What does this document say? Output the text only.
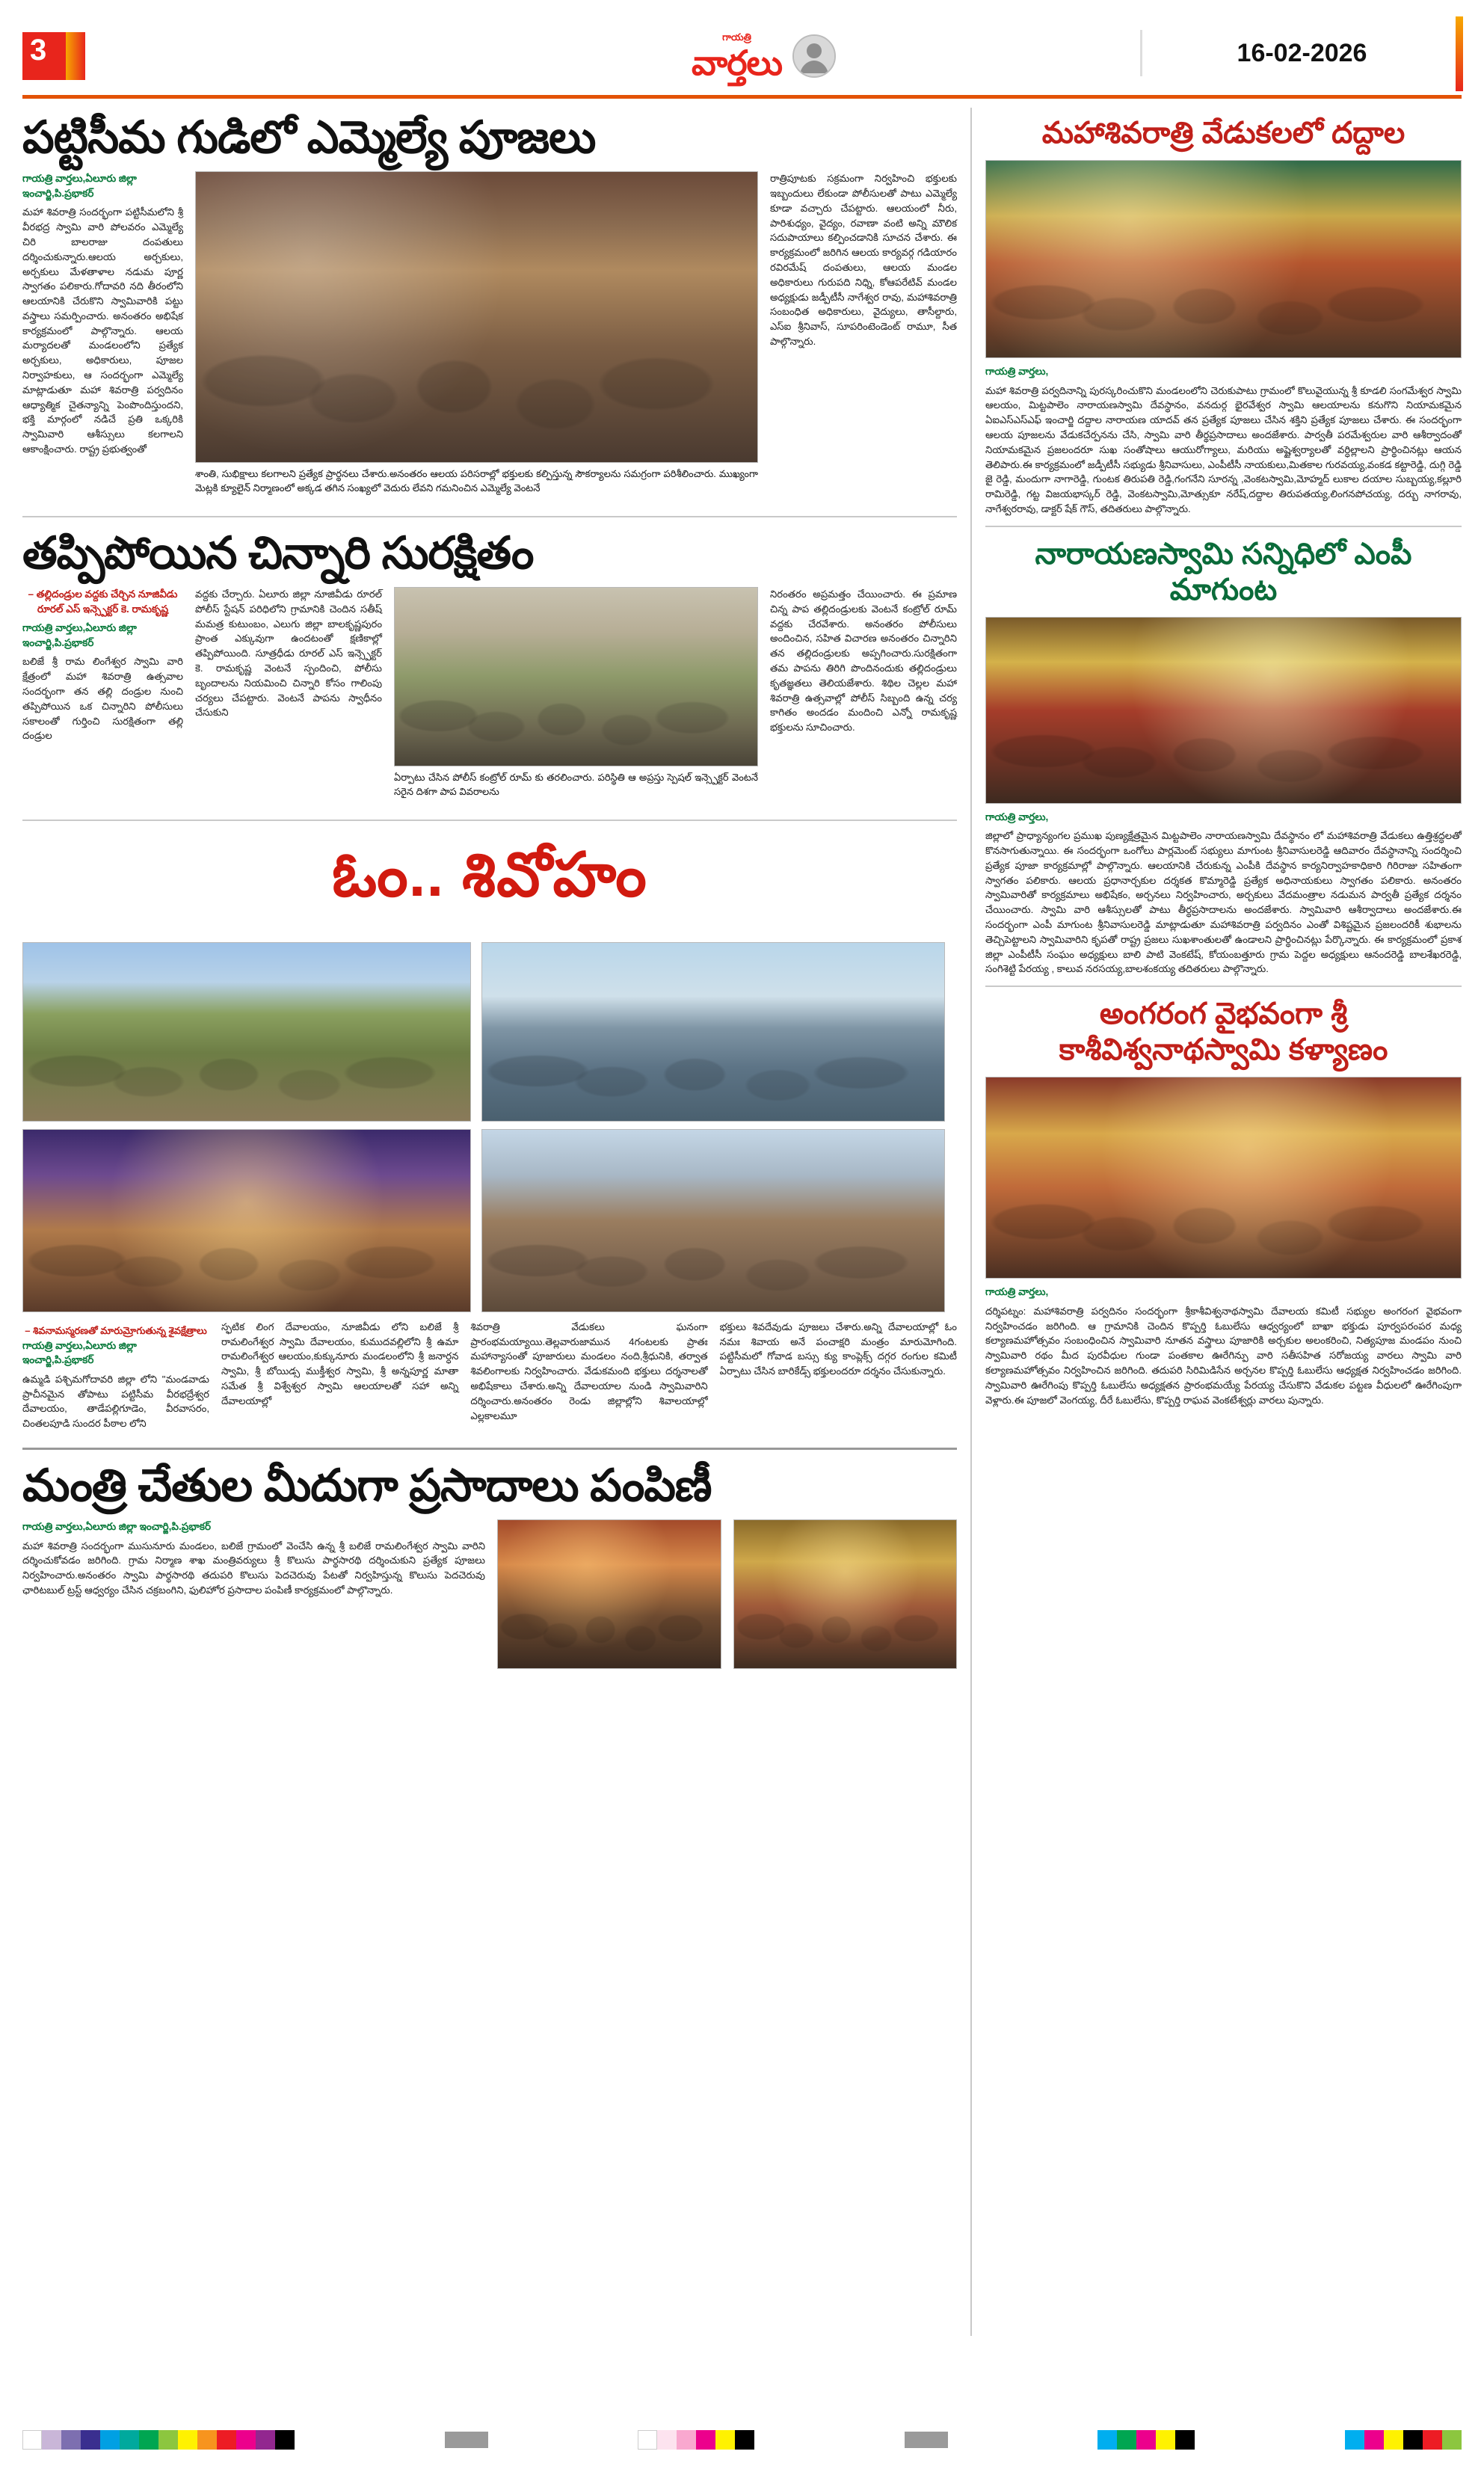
3	గాయత్రి
వార్తలు	16-02-2026
పట్టిసీమ గుడిలో ఎమ్మెల్యే పూజలు
గాయత్రి వార్తలు,ఏలూరు జిల్లా ఇంచార్జి,పి.ప్రభాకర్

మహా శివరాత్రి సందర్భంగా పట్టిసీమలోని శ్రీ వీరభద్ర స్వామి వారి పోలవరం ఎమ్మెల్యే చిరి బాలరాజు దంపతులు దర్శించుకున్నారు.ఆలయ అర్చకులు, అర్చకులు మేళతాళాల నడుమ పూర్ణ స్వాగతం పలికారు.గోదావరి నది తీరంలోని ఆలయానికి చేరుకొని స్వామివారికి పట్టు వస్త్రాలు సమర్పించారు. అనంతరం అభిషేక కార్యక్రమంలో పాల్గొన్నారు. ఆలయ మర్యాదలతో మండలంలోని ప్రత్యేక అర్చకులు, అధికారులు, పూజల నిర్వాహకులు, ఆ సందర్భంగా ఎమ్మెల్యే మాట్లాడుతూ మహా శివరాత్రి పర్వదినం ఆధ్యాత్మిక చైతన్యాన్ని పెంపొందిస్తుందని, భక్తి మార్గంలో నడిచే ప్రతి ఒక్కరికి స్వామివారి ఆశీస్సులు కలగాలని ఆకాంక్షించారు. రాష్ట్ర ప్రభుత్వంతో

శాంతి, సుభిక్షాలు కలగాలని ప్రత్యేక ప్రార్థనలు చేశారు.అనంతరం ఆలయ పరిసరాల్లో భక్తులకు కల్పిస్తున్న సౌకర్యాలను సమగ్రంగా పరిశీలించారు. ముఖ్యంగా మెట్లకి క్యూలైన్ నిర్మాణంలో అక్కడ తగిన సంఖ్యలో వెదురు లేవని గమనించిన ఎమ్మెల్యే వెంటనే

రాత్రిపూటకు సక్రమంగా నిర్వహించి భక్తులకు ఇబ్బందులు లేకుండా పోలీసులతో పాటు ఎమ్మెల్యే కూడా వచ్చారు చేపట్టారు. ఆలయంలో నీరు, పారిశుధ్యం, వైద్యం, రవాణా వంటి అన్ని మౌలిక సదుపాయాలు కల్పించడానికి సూచన చేశారు. ఈ కార్యక్రమంలో జరిగిన ఆలయ కార్యవర్గ గడియారం రవిరమేష్ దంపతులు, ఆలయ మండల అధికారులు గురుపది నిధ్ని, కోఆపరేటివ్ మండల అధ్యక్షుడు జడ్పీటీసీ నాగేశ్వర రావు, మహాశివరాత్రి సంబంధిత అధికారులు, వైద్యులు, తాసీల్దారు, ఎస్ఐ శ్రీనివాస్, సూపరింటెండెంట్ రామూ, సీత పాల్గొన్నారు.

తప్పిపోయిన చిన్నారి సురక్షితం
– తల్లిదండ్రుల వద్దకు చేర్చిన నూజివీడు రూరల్ ఎస్ ఇన్స్పెక్టర్ కె. రామకృష్ణ
గాయత్రి వార్తలు,ఏలూరు జిల్లా ఇంచార్జి,పి.ప్రభాకర్

బలిజే శ్రీ రామ లింగేశ్వర స్వామి వారి క్షేత్రంలో మహా శివరాత్రి ఉత్సవాల సందర్భంగా తన తల్లి దండ్రుల నుంచి తప్పిపోయిన ఒక చిన్నారిని పోలీసులు సకాలంతో గుర్తించి సురక్షితంగా తల్లి దండ్రుల

వద్దకు చేర్చారు. ఏలూరు జిల్లా నూజివీడు రూరల్ పోలీస్ స్టేషన్ పరిధిలోని గ్రామానికి చెందిన సతీష్ మమత్ర కుటుంబం, ఎలుగు జిల్లా బాలకృష్ణపురం ప్రాంత ఎక్కువుగా ఉందటంతో క్షణికాల్లో తప్పిపోయింది. సూత్రధీడు రూరల్ ఎస్ ఇన్స్పెక్టర్ కె. రామకృష్ణ వెంటనే స్పందించి, పోలీసు బృందాలను నియమించి చిన్నారి కోసం గాలింపు చర్యలు చేపట్టారు. వెంటనే పాపను స్వాధీనం చేసుకుని

ఏర్పాటు చేసిన పోలీస్ కంట్రోల్ రూమ్ కు తరలించారు. పరిస్థితి ఆ అప్రస్తు స్పెషల్ ఇన్స్పెక్టర్ వెంటనే సరైన దిశగా పాప వివరాలను

నిరంతరం అప్రమత్తం చేయించారు. ఈ ప్రమాణ చిన్న పాప తల్లిదండ్రులకు వెంటనే కంట్రోల్ రూమ్ వద్దకు చేరవేశారు. అనంతరం పోలీసులు అందించిన, సహిత విచారణ అనంతరం చిన్నారిని తన తల్లిదండ్రులకు అప్పగించారు.సురక్షితంగా తమ పాపను తిరిగి పొందినందుకు తల్లిదండ్రులు కృతజ్ఞతలు తెలియజేశారు. శిథిల చెల్లల మహా శివరాత్రి ఉత్సవాల్లో పోలీస్ సిబ్బంది ఉన్న చర్య కాగితం అందడం మందించి ఎన్నో రామకృష్ణ భక్తులను సూచించారు.

ఓం.. శివోహం
– శివనామస్మరణతో మారుమ్రోగుతున్న శైవక్షేత్రాలు
గాయత్రి వార్తలు,ఏలూరు జిల్లా ఇంచార్జి,పి.ప్రభాకర్

ఉమ్మడి పశ్చిమగోదావరి జిల్లా లోని "మండవాడు ప్రాచీనమైన తోపాటు పట్టిసీమ వీరభద్రేశ్వర దేవాలయం, తాడేపల్లిగూడెం, వీరవాసరం, చింతలపూడి సుందర పీఠాల లోని

స్ఫటిక లింగ దేవాలయం, నూజివీడు లోని బలిజే శ్రీ రామలింగేశ్వర స్వామి దేవాలయం, కుముదవల్లిలోని శ్రీ ఉమా రామలింగేశ్వర ఆలయం,కుక్కునూరు మండలంలోని శ్రీ జనార్ధన స్వామి, శ్రీ బోయిడ్స ముక్తీశ్వర స్వామి, శ్రీ అన్నపూర్ణ మాతా సమేత శ్రీ విశ్వేశ్వర స్వామి ఆలయాలతో సహా అన్ని దేవాలయాల్లో

శివరాత్రి వేడుకలు ఘనంగా ప్రారంభమయ్యాయి.తెల్లవారుజామున 4గంటలకు ప్రాతః మహాన్యాసంతో పూజారులు మండలం నంది,శ్రీధునికి, తర్వాత శివలింగాలకు నిర్వహించారు. వేడుకమంది భక్తులు దర్శనాలతో అభిషేకాలు చేశారు.అన్ని దేవాలయాల నుండి స్వామివారిని దర్శించారు.అనంతరం రెండు జిల్లాల్లోని శివాలయాల్లో ఎల్లకాలమూ

భక్తులు శివదేవుడు పూజలు చేశారు.అన్ని దేవాలయాల్లో ఓం నమః శివాయ అనే పంచాక్షరి మంత్రం మారుమోగింది. పట్టిసీమలో గోవాడ బస్సు క్యు కాంప్లెక్స్ దగ్గర రంగుల కమిటీ ఏర్పాటు చేసిన బారికేడ్స్ భక్తులందరూ దర్శనం చేసుకున్నారు.

మంత్రి చేతుల మీదుగా ప్రసాదాలు పంపిణీ
గాయత్రి వార్తలు,ఏలూరు జిల్లా ఇంచార్జి,పి.ప్రభాకర్

మహా శివరాత్రి సందర్భంగా ముసునూరు మండలం, బలిజే గ్రామంలో వెంచేసి ఉన్న శ్రీ బలిజే రామలింగేశ్వర స్వామి వారిని దర్శించుకోవడం జరిగింది. గ్రామ నిర్మాణ శాఖ మంత్రివర్యులు శ్రీ కొలుసు పార్థసారథి దర్శించుకుని ప్రత్యేక పూజలు నిర్వహించారు.అనంతరం స్వామి పార్థసారథి తదుపరి కొలుసు పెదచెరువు పేటతో నిర్వహిస్తున్న కొలుసు పెదచెరువు ఛారిటబుల్ ట్రస్ట్ ఆధ్వర్యం చేసిన చక్రబంగిని, ఫులిహోర ప్రసాదాల పంపిణీ కార్యక్రమంలో పాల్గొన్నారు.

మహాశివరాత్రి వేడుకలలో దద్దాల
గాయత్రి వార్తలు,

మహా శివరాత్రి పర్వదినాన్ని పురస్కరించుకొని మండలంలోని చెరుకుపాటు గ్రామంలో కొలువైయున్న శ్రీ కూడలి సంగమేశ్వర స్వామి ఆలయం, మిట్టపాలెం నారాయణస్వామి దేవస్థానం, వనదుర్గ భైరవేశ్వర స్వామి ఆలయాలను కనుగొని నియామకమైన ఏఐఎస్ఎస్ఎఫ్ ఇంచార్జి దద్దాల నారాయణ యాదవ్ తన ప్రత్యేక పూజలు చేసిన శక్తిని ప్రత్యేక పూజలు చేశారు. ఈ సందర్భంగా ఆలయ పూజలను వేడుకచేర్పనను చేసి, స్వామి వారి తీర్థప్రసాదాలు అందజేశారు. పార్వతీ పరమేశ్వరుల వారి ఆశీర్వాదంతో నియామకమైన ప్రజలందరూ సుఖ సంతోషాలు ఆయురోగ్యాలు, మరియు అష్టైశ్వర్యాలతో వర్ధిల్లాలని ప్రార్థించినట్లు ఆయన తెలిపారు.ఈ కార్యక్రమంలో జడ్పీటీసీ సభ్యుడు శ్రీనివాసులు, ఎంపీటీసీ నాయకులు,మితకాల గురవయ్య,వంకడ కట్టారెడ్డి, దుగ్గి రెడ్డి జై రెడ్డి, మందుగా నాగారెడ్డి, గుంటక తిరుపతి రెడ్డి,గంగనేని సూరన్న ,వెంకటస్వామి,మోహ్మద్ లుకాల దయాల సుబ్బయ్య,కల్లూరి రామిరెడ్డి, గట్ట విజయభాస్కర్ రెడ్డి, వెంకటస్వామి,మోత్సుకూ నరేష్,దద్దాల తిరుపతయ్య,లింగనపోచయ్య, దర్బు నాగరావు, నాగేశ్వరరావు, డాక్టర్ షేక్ గౌస్, తదితరులు పాల్గొన్నారు.

నారాయణస్వామి సన్నిధిలో ఎంపీ మాగుంట
గాయత్రి వార్తలు,

జిల్లాలో ప్రాధ్యాన్యంగల ప్రముఖ పుణ్యక్షేత్రమైన మిట్టపాలెం నారాయణస్వామి దేవస్థానం లో మహాశివరాత్రి వేడుకలు ఉత్తిశ్రద్ధలతో కొనసాగుతున్నాయి. ఈ సందర్భంగా ఒంగోలు పార్లమెంట్ సభ్యులు మాగుంట శ్రీనివాసులరెడ్డి ఆదివారం దేవస్థానాన్ని సందర్శించి ప్రత్యేక పూజా కార్యక్రమాల్లో పాల్గొన్నారు. ఆలయానికి చేరుకున్న ఎంపీకి దేవస్థాన కార్యనిర్వాహకాధికారి గిరిరాజు సహితంగా స్వాగతం పలికారు. ఆలయ ప్రధానార్చకుల దర్శకత కొమ్మారెడ్డి ప్రత్యేక అధినాయకులు స్వాగతం పలికారు. అనంతరం స్వామివారితో కార్యక్రమాలు అభిషేకం, అర్చనలు నిర్వహించారు, అర్చకులు వేదమంత్రాల నడుమన పార్వతీ ప్రత్యేక దర్శనం చేయించారు. స్వామి వారి ఆశీస్సులతో పాటు తీర్థప్రసాదాలను అందజేశారు. స్వామివారి ఆశీర్వాదాలు అందజేశారు.ఈ సందర్భంగా ఎంపీ మాగుంట శ్రీనివాసులరెడ్డి మాట్లాడుతూ మహాశివరాత్రి పర్వదినం ఎంతో విశిష్టమైన ప్రజలందరికీ శుభాలను తెచ్చిపెట్టాలని స్వామివారిని కృపతో రాష్ట్ర ప్రజలు సుఖశాంతులతో ఉండాలని ప్రార్థించినట్లు పేర్కొన్నారు. ఈ కార్యక్రమంలో ప్రకాశ జిల్లా ఎంపీటీసీ సంఘం అధ్యక్షులు బాలి పాటి వెంకటేష్, కోయంబత్తూరు గ్రామ పెద్దల అధ్యక్షులు ఆనందరెడ్డి బాలశేఖరరెడ్డి, సంగిశెట్టి పేరయ్య , కాలువ నరసయ్య,బాలశంకయ్య తదితరులు పాల్గొన్నారు.

అంగరంగ వైభవంగా శ్రీ కాశీవిశ్వనాథస్వామి కళ్యాణం
గాయత్రి వార్తలు,

దర్శిపట్నం: మహాశివరాత్రి పర్వదినం సందర్భంగా శ్రీకాశీవిశ్వనాథస్వామి దేవాలయ కమిటీ సభ్యుల అంగరంగ వైభవంగా నిర్వహించడం జరిగింది. ఆ గ్రామానికి చెందిన కొప్పర్తి ఓబులేసు ఆధ్వర్యంలో బాఖా భక్తుడు పూర్వపరంపర మధ్య కల్యాణమహోత్సవం సంబంధించిన స్వామివారి నూతన వస్త్రాలు పూజారికి అర్చకుల అలంకరించి, నిత్యపూజ మండపం నుంచి స్వామివారి రథం మీద పురవీధుల గుండా పంతకాల ఊరేగిన్పు వారి సతీసహిత సరోజయ్య వారలు స్వామి వారి కల్యాణమహోత్సవం నిర్వహించిన జరిగింది. తదుపరి సిరిమిడిసేన అర్చనల కొప్పర్తి ఓబులేసు ఆధ్యక్షత నిర్వహించడం జరిగింది. స్వామివారి ఊరేగింపు కొప్పర్తి ఓబులేసు అధ్యక్షతన ప్రారంభమయ్యే పేరయ్య చేసుకొని వేడుకల పట్టణ వీధులలో ఊరేగింపుగా వెళ్లారు.ఈ పూజలో వెంగయ్య, దీరే ఓబులేసు, కొప్పర్తి రాఘవ వెంకటేశ్వర్లు వారలు పున్నారు.
